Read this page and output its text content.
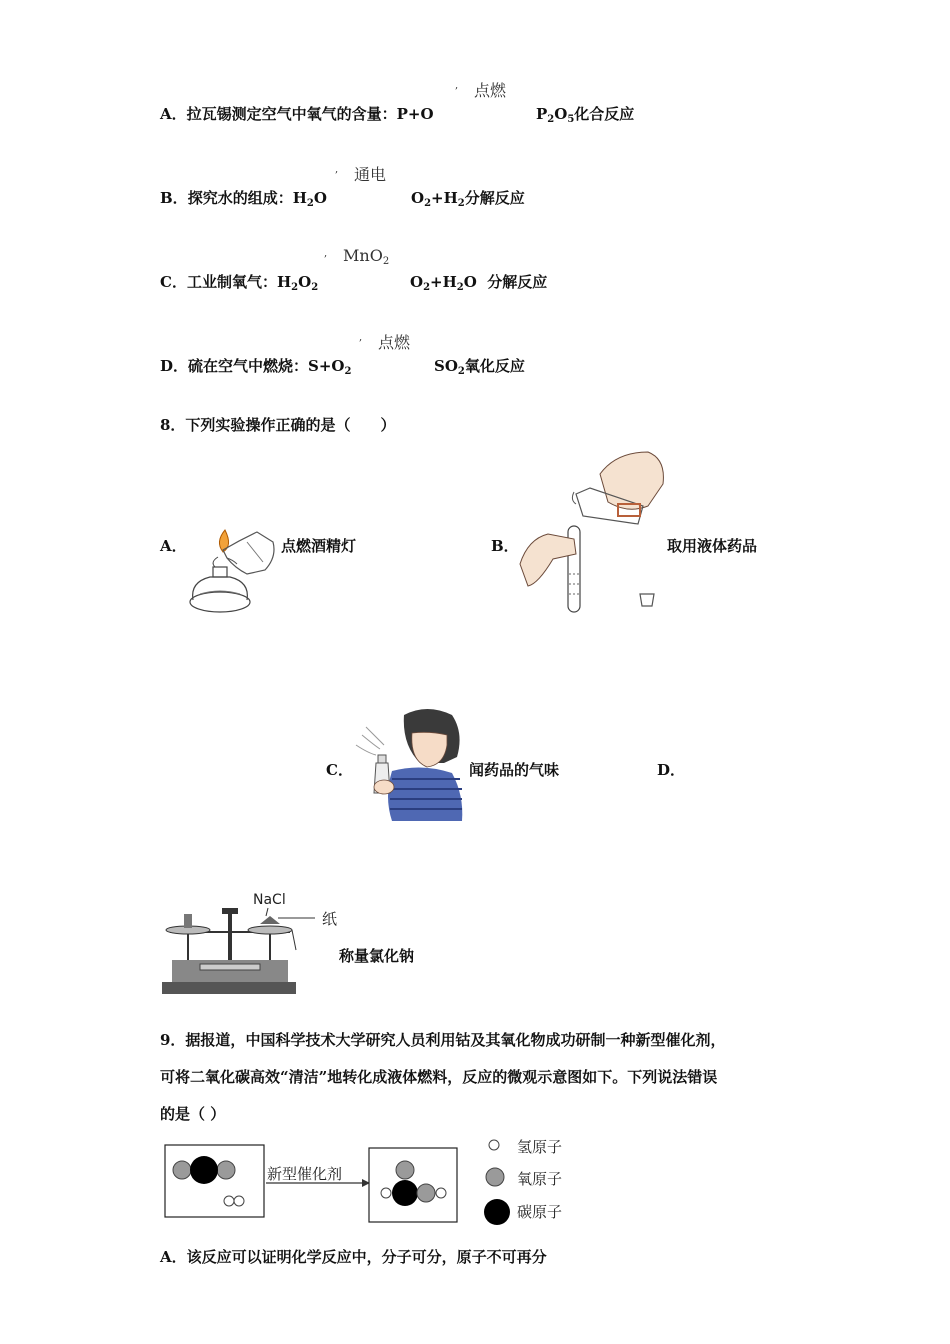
, 点燃
A．拉瓦锡测定空气中氧气的含量：P+O	$P_2O_5$化合反应
, 通电
B．探究水的组成：$H_2O$	$O_2+H_2$分解反应
, MnO$_2$
C．工业制氧气：$H_2O_2$	$O_2+H_2O$ 分解反应
, 点燃
D．硫在空气中燃烧：$S+O_2$	$SO_2$氧化反应
8．下列实验操作正确的是（　　）
A．	点燃酒精灯	B．	取用液体药品
C．	闻药品的气味	D．
NaCl
纸
称量氯化钠
9．据报道，中国科学技术大学研究人员利用钴及其氧化物成功研制一种新型催化剂，
可将二氧化碳高效“清洁”地转化成液体燃料，反应的微观示意图如下。下列说法错误
的是（ ）
新型催化剂
氢原子
氧原子
碳原子
A．该反应可以证明化学反应中，分子可分，原子不可再分
